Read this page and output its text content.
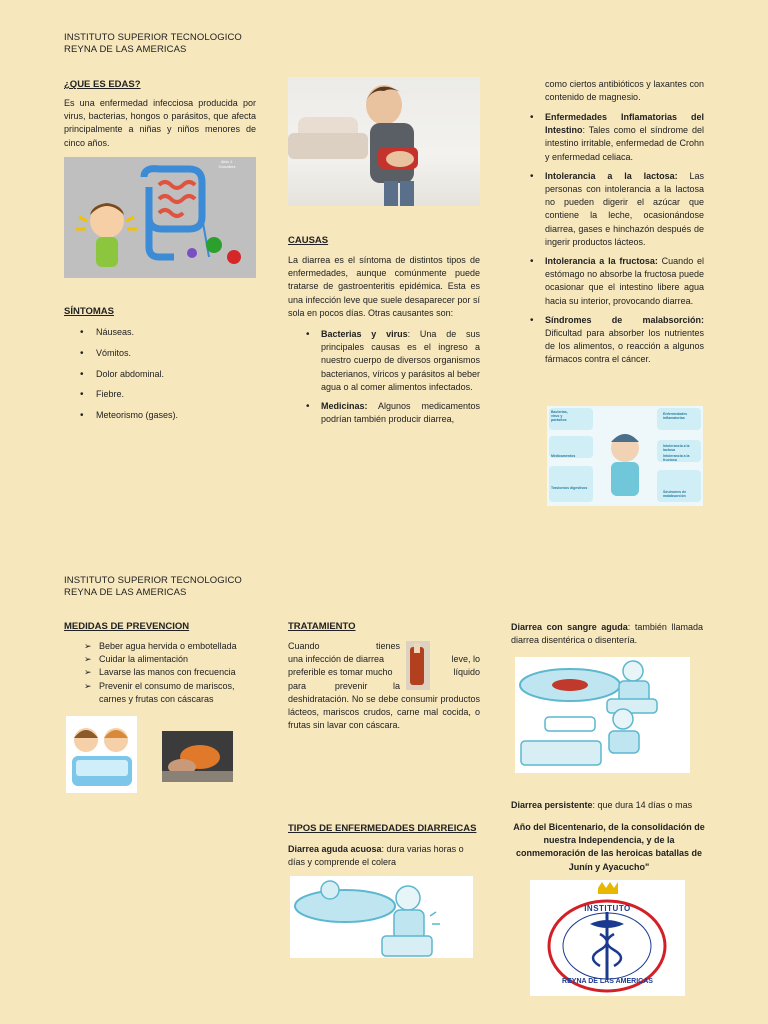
INSTITUTO SUPERIOR TECNOLOGICO REYNA DE LAS AMERICAS
¿QUE ES EDAS?
Es una enfermedad infecciosa producida por virus, bacterias, hongos o parásitos, que afecta principalmente a niñas y niños menores de cinco años.
Aldo J. González
SÍNTOMAS
• Náuseas.
• Vómitos.
• Dolor abdominal.
• Fiebre.
• Meteorismo (gases).
CAUSAS
La diarrea es el síntoma de distintos tipos de enfermedades, aunque comúnmente puede tratarse de gastroenteritis epidémica. Esta es una infección leve que suele desaparecer por sí sola en pocos días. Otras causantes son:
• Bacterias y virus: Una de sus principales causas es el ingreso a nuestro cuerpo de diversos organismos bacterianos, víricos y parásitos al beber agua o al comer alimentos infectados.
• Medicinas: Algunos medicamentos podrían también producir diarrea,
como ciertos antibióticos y laxantes con contenido de magnesio.
• Enfermedades Inflamatorias del Intestino: Tales como el síndrome del intestino irritable, enfermedad de Crohn y enfermedad celiaca.
• Intolerancia a la lactosa: Las personas con intolerancia a la lactosa no pueden digerir el azúcar que contiene la leche, ocasionándose diarrea, gases e hinchazón después de ingerir productos lácteos.
• Intolerancia a la fructosa: Cuando el estómago no absorbe la fructosa puede ocasionar que el intestino libere agua hacia su interior, provocando diarrea.
• Síndromes de malabsorción: Dificultad para absorber los nutrientes de los alimentos, o reacción a algunos fármacos contra el cáncer.
Bacterias, virus y parásitos
Enfermedades inflamatorias
Medicamentos
Intolerancia a la lactosa
Intolerancia a la fructosa
Trastornos digestivos
Síndromes de malabsorción
INSTITUTO SUPERIOR TECNOLOGICO REYNA DE LAS AMERICAS
MEDIDAS DE PREVENCION
➢ Beber agua hervida o embotellada
➢ Cuidar la alimentación
➢ Lavarse las manos con frecuencia
➢ Prevenir el consumo de mariscos, carnes y frutas con cáscaras
TRATAMIENTO
Cuando	tienes
una infección de diarrea	leve, lo
preferible es tomar mucho	líquido
para	prevenir	la
deshidratación. No se debe consumir productos lácteos, mariscos crudos, carne mal cocida, o frutas sin lavar con cáscara.
TIPOS DE ENFERMEDADES DIARREICAS
Diarrea aguda acuosa: dura varias horas o días y comprende el colera
Diarrea con sangre aguda: también llamada diarrea disentérica o disentería.
Diarrea persistente: que dura 14 días o mas
Año del Bicentenario, de la consolidación de nuestra Independencia, y de la conmemoración de las heroicas batallas de Junín y Ayacucho"
INSTITUTO
REYNA DE LAS AMERICAS
